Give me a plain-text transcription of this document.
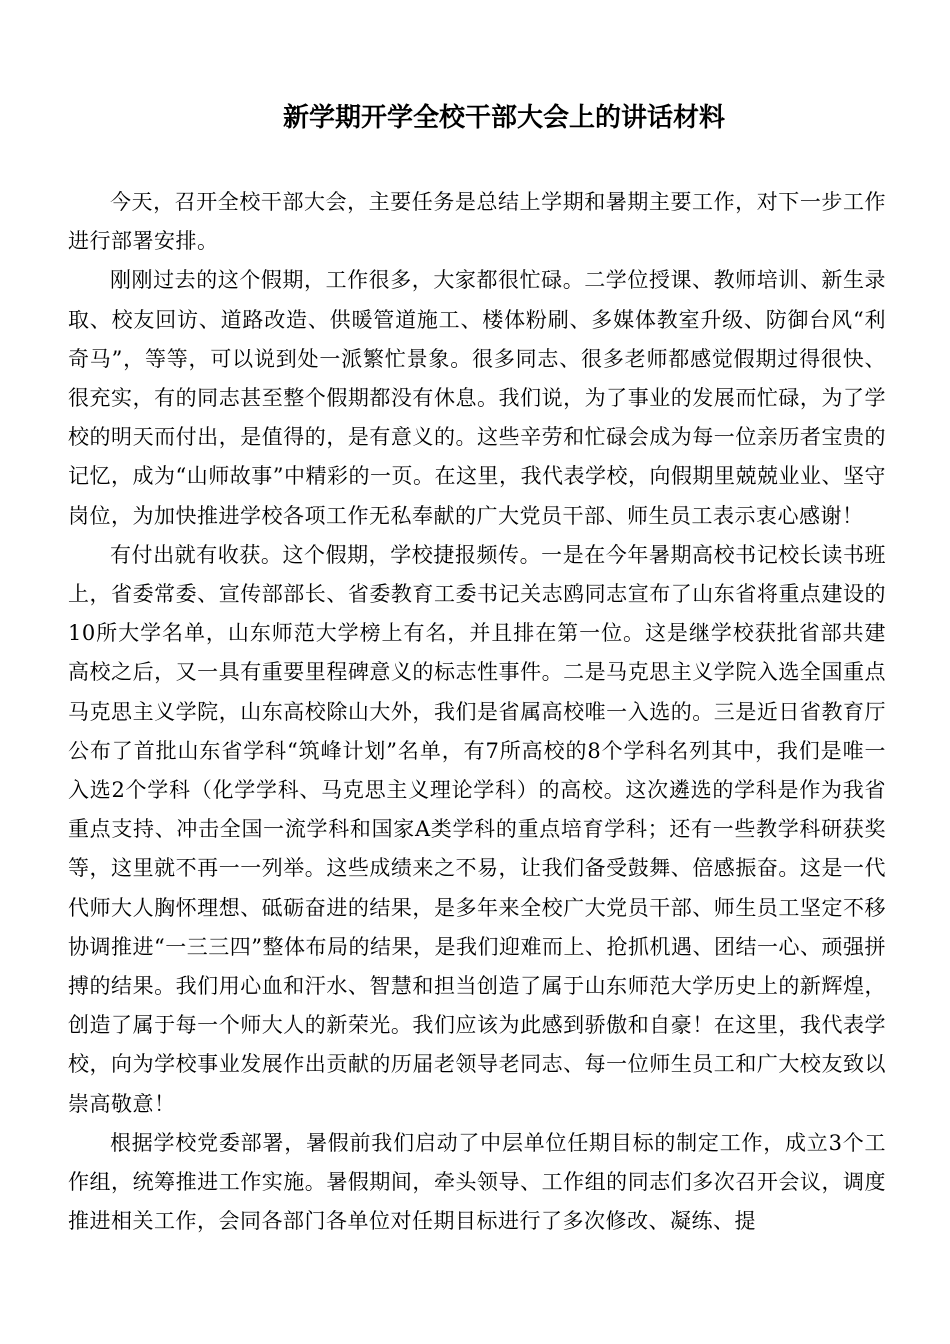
新学期开学全校干部大会上的讲话材料

今天，召开全校干部大会，主要任务是总结上学期和暑期主要工作，对下一步工作进行部署安排。

刚刚过去的这个假期，工作很多，大家都很忙碌。二学位授课、教师培训、新生录取、校友回访、道路改造、供暖管道施工、楼体粉刷、多媒体教室升级、防御台风“利奇马”，等等，可以说到处一派繁忙景象。很多同志、很多老师都感觉假期过得很快、很充实，有的同志甚至整个假期都没有休息。我们说，为了事业的发展而忙碌，为了学校的明天而付出，是值得的，是有意义的。这些辛劳和忙碌会成为每一位亲历者宝贵的记忆，成为“山师故事”中精彩的一页。在这里，我代表学校，向假期里兢兢业业、坚守岗位，为加快推进学校各项工作无私奉献的广大党员干部、师生员工表示衷心感谢！

有付出就有收获。这个假期，学校捷报频传。一是在今年暑期高校书记校长读书班上，省委常委、宣传部部长、省委教育工委书记关志鸥同志宣布了山东省将重点建设的10所大学名单，山东师范大学榜上有名，并且排在第一位。这是继学校获批省部共建高校之后，又一具有重要里程碑意义的标志性事件。二是马克思主义学院入选全国重点马克思主义学院，山东高校除山大外，我们是省属高校唯一入选的。三是近日省教育厅公布了首批山东省学科“筑峰计划”名单，有7所高校的8个学科名列其中，我们是唯一入选2个学科（化学学科、马克思主义理论学科）的高校。这次遴选的学科是作为我省重点支持、冲击全国一流学科和国家A类学科的重点培育学科；还有一些教学科研获奖等，这里就不再一一列举。这些成绩来之不易，让我们备受鼓舞、倍感振奋。这是一代代师大人胸怀理想、砥砺奋进的结果，是多年来全校广大党员干部、师生员工坚定不移协调推进“一三三四”整体布局的结果，是我们迎难而上、抢抓机遇、团结一心、顽强拼搏的结果。我们用心血和汗水、智慧和担当创造了属于山东师范大学历史上的新辉煌，创造了属于每一个师大人的新荣光。我们应该为此感到骄傲和自豪！在这里，我代表学校，向为学校事业发展作出贡献的历届老领导老同志、每一位师生员工和广大校友致以崇高敬意！

根据学校党委部署，暑假前我们启动了中层单位任期目标的制定工作，成立3个工作组，统筹推进工作实施。暑假期间，牵头领导、工作组的同志们多次召开会议，调度推进相关工作，会同各部门各单位对任期目标进行了多次修改、凝练、提
